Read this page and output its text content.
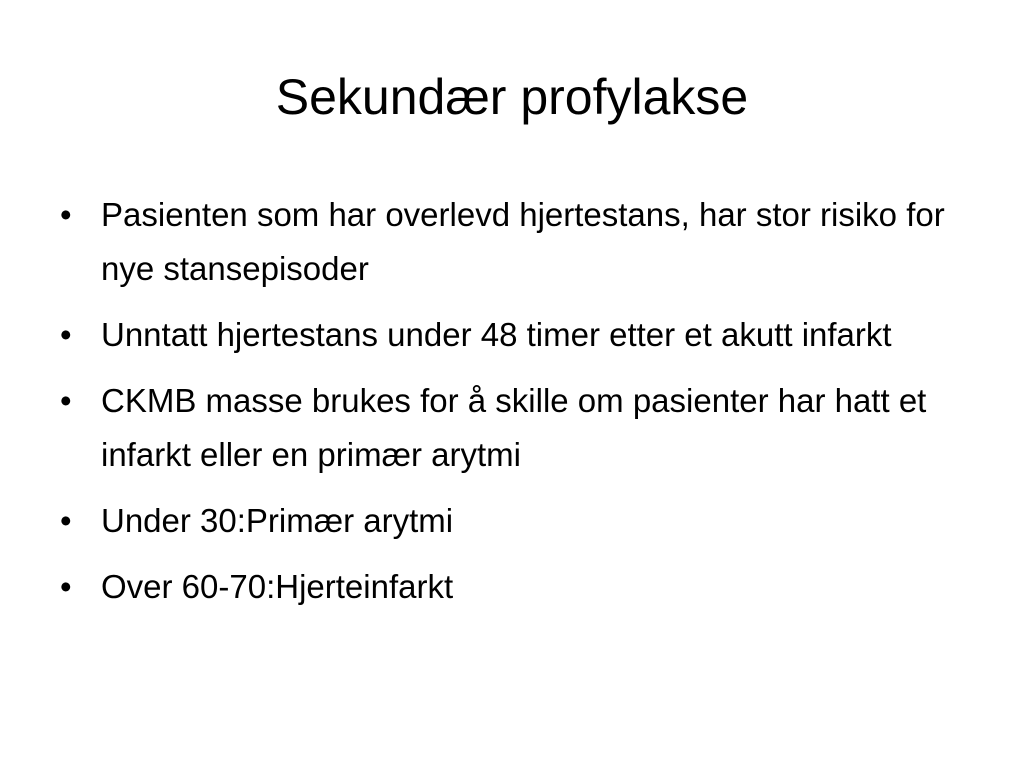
Sekundær profylakse
• Pasienten som har overlevd hjertestans, har stor risiko for nye stansepisoder
• Unntatt hjertestans under 48 timer etter et akutt infarkt
• CKMB masse brukes for å skille om pasienter har hatt et infarkt eller en primær arytmi
• Under 30:Primær arytmi
• Over 60-70:Hjerteinfarkt
